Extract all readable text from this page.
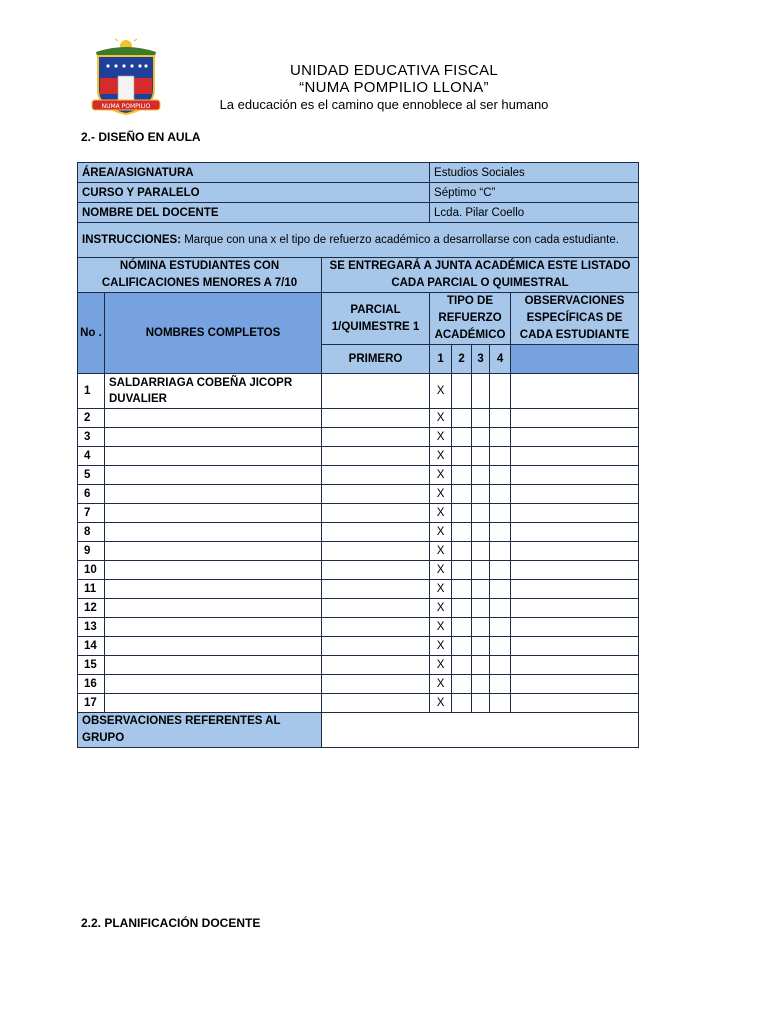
NUMA POMPILIO
UNIDAD EDUCATIVA FISCAL
“NUMA POMPILIO LLONA”
La educación es el camino que ennoblece al ser humano
2.- DISEÑO EN AULA
ÁREA/ASIGNATURA			Estudios Sociales				
CURSO Y PARALELO			Séptimo “C”				
NOMBRE DEL DOCENTE			Lcda. Pilar Coello				
INSTRUCCIONES: Marque con una x el tipo de refuerzo académico a desarrollarse con cada estudiante.							
NÓMINA ESTUDIANTES CON CALIFICACIONES MENORES A 7/10		SE ENTREGARÁ A JUNTA ACADÉMICA ESTE LISTADO CADA PARCIAL O QUIMESTRAL					
No .	NOMBRES COMPLETOS	PARCIAL 1/QUIMESTRE 1	TIPO DE REFUERZO ACADÉMICO				OBSERVACIONES ESPECÍFICAS DE CADA ESTUDIANTE
		PRIMERO	1	2	3	4	
1	SALDARRIAGA COBEÑA JICOPR DUVALIER		X				
2			X				
3			X				
4			X				
5			X				
6			X				
7			X				
8			X				
9			X				
10			X				
11			X				
12			X				
13			X				
14			X				
15			X				
16			X				
17			X				
OBSERVACIONES REFERENTES AL GRUPO							
2.2. PLANIFICACIÓN DOCENTE
